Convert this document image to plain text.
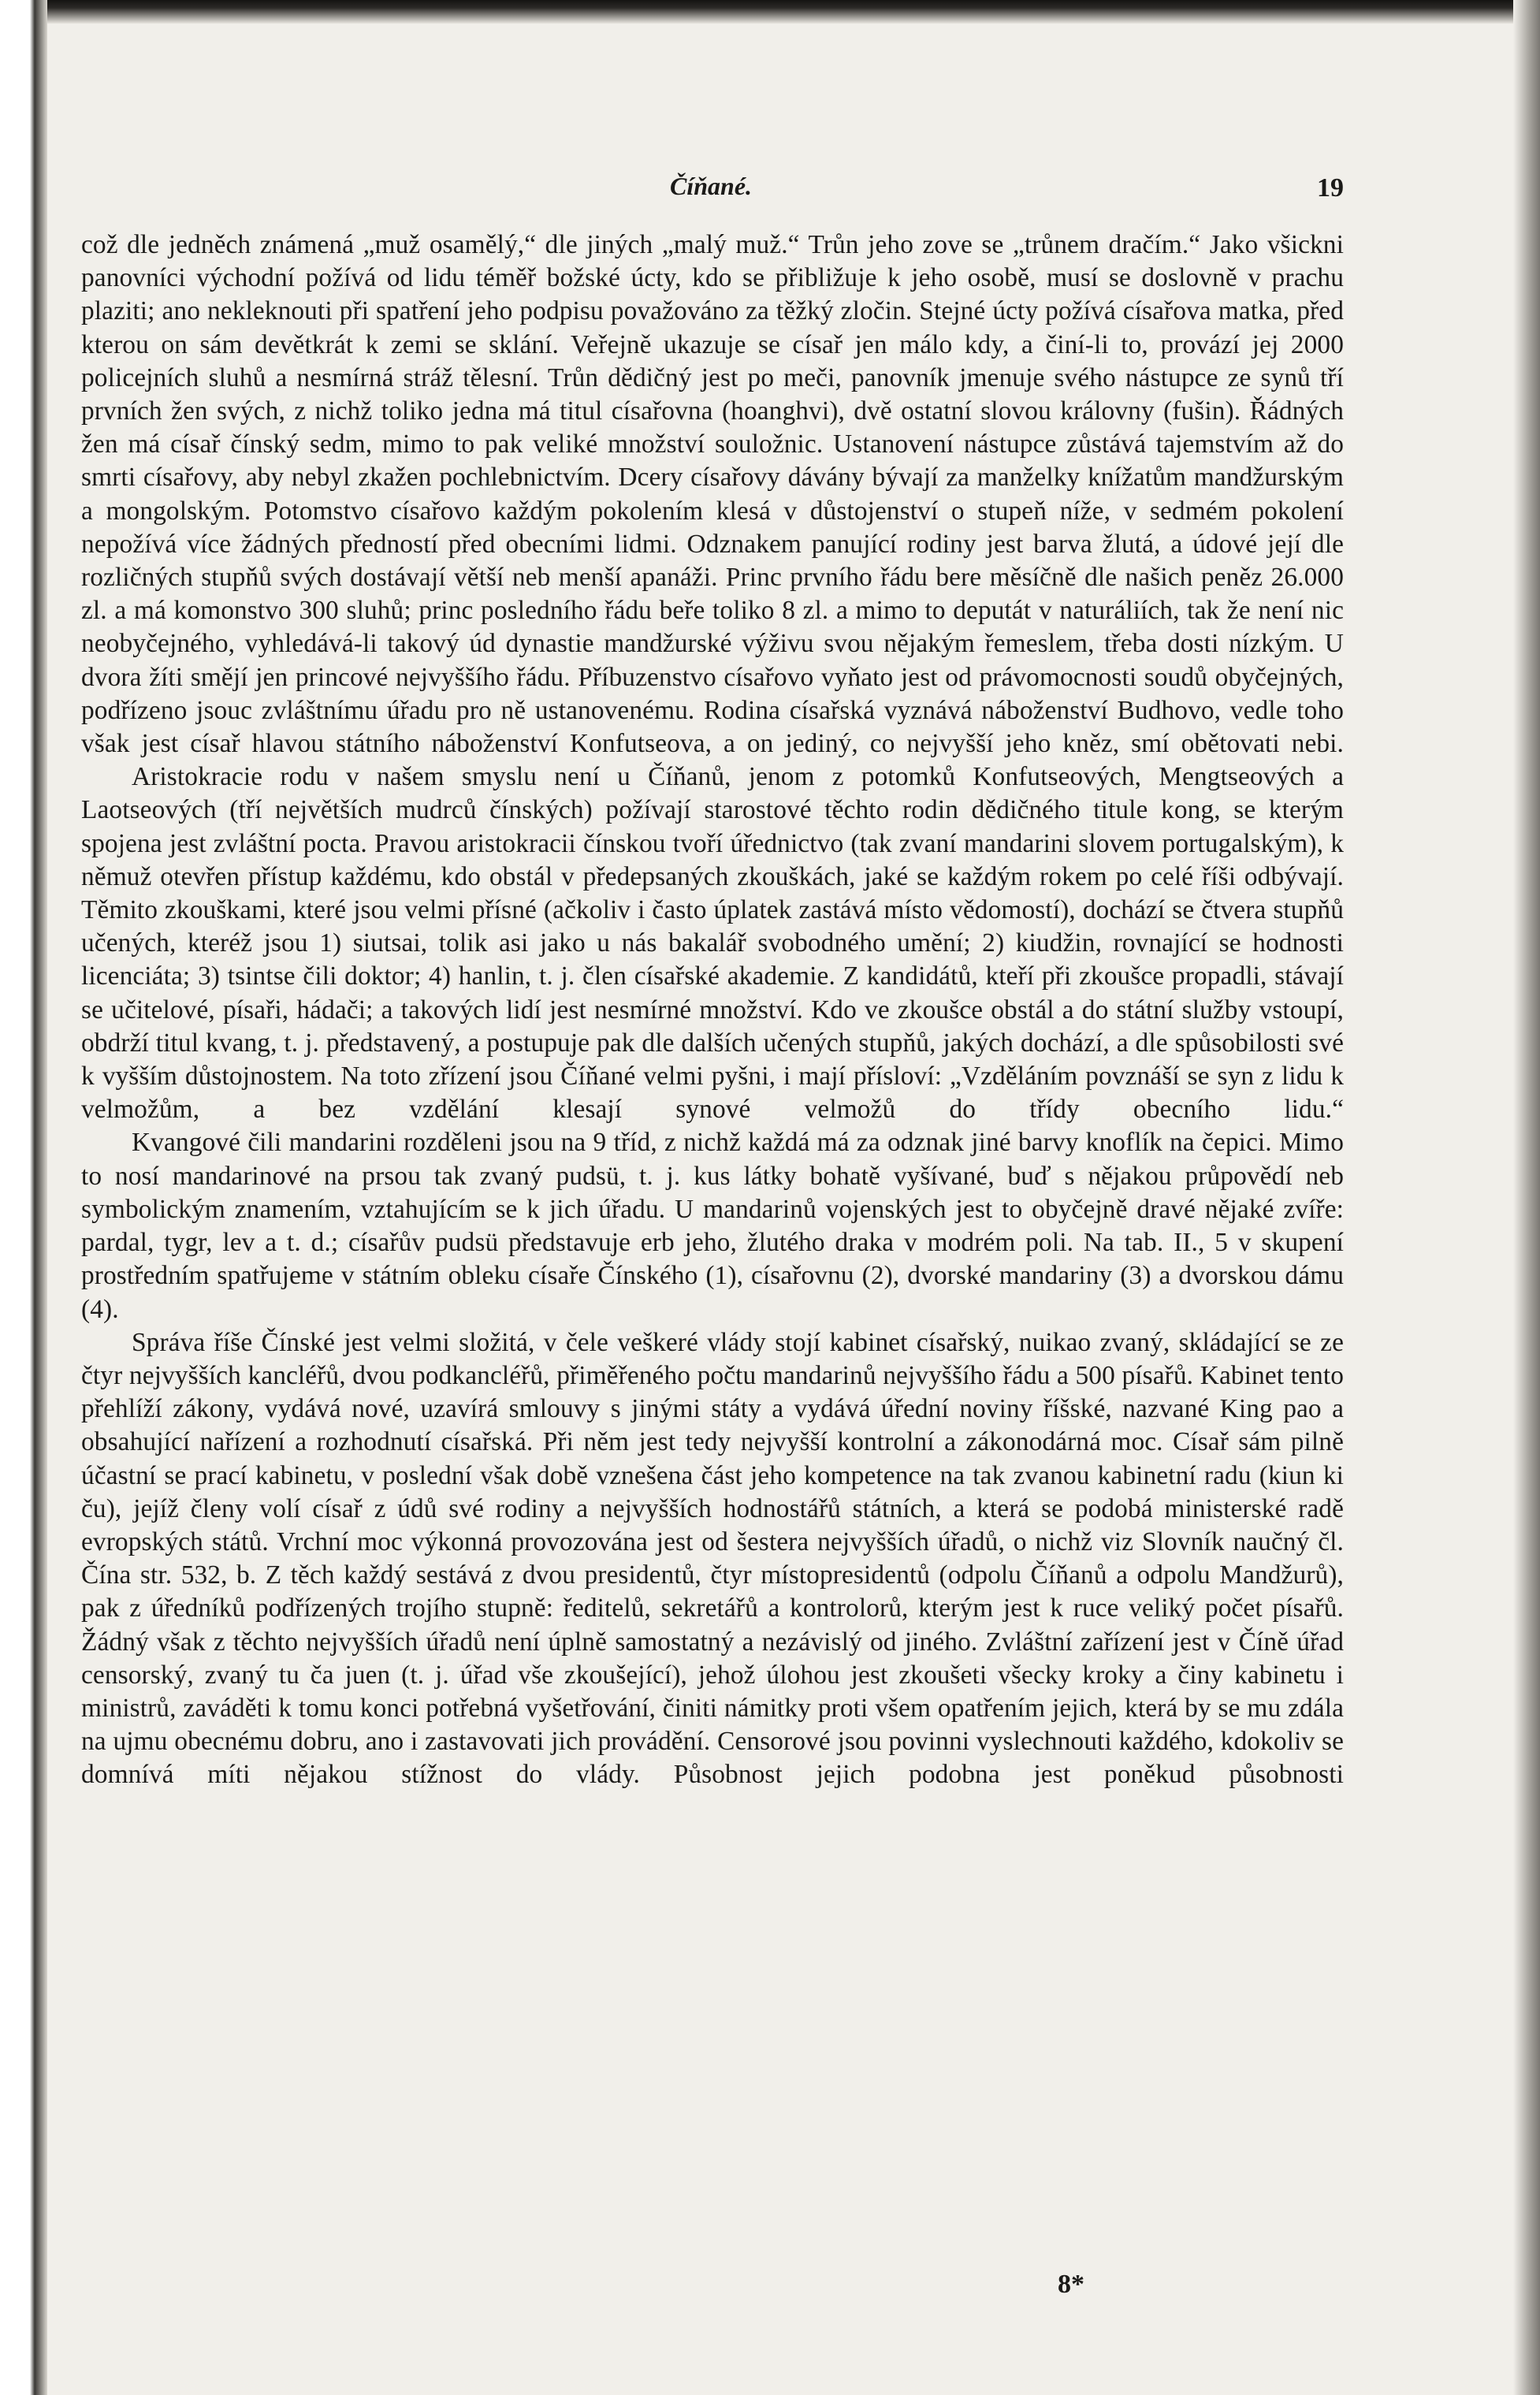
Číňané.	19

což dle jedněch známená „muž osamělý,“ dle jiných „malý muž.“ Trůn jeho zove se „trůnem dračím.“ Jako všickni panovníci východní požívá od lidu téměř božské úcty, kdo se přibližuje k jeho osobě, musí se doslovně v prachu plaziti; ano nekleknouti při spatření jeho podpisu považováno za těžký zločin. Stejné úcty požívá císařova matka, před kterou on sám devětkrát k zemi se sklání. Veřejně ukazuje se císař jen málo kdy, a činí-li to, provází jej 2000 policejních sluhů a nesmírná stráž tělesní. Trůn dědičný jest po meči, panovník jmenuje svého nástupce ze synů tří prvních žen svých, z nichž toliko jedna má titul císařovna (hoanghvi), dvě ostatní slovou královny (fušin). Řádných žen má císař čínský sedm, mimo to pak veliké množství souložnic. Ustanovení nástupce zůstává tajemstvím až do smrti císařovy, aby nebyl zkažen pochlebnictvím. Dcery císařovy dávány bývají za manželky knížatům mandžurským a mongolským. Potomstvo císařovo každým pokolením klesá v důstojenství o stupeň níže, v sedmém pokolení nepožívá více žádných předností před obecními lidmi. Odznakem panující rodiny jest barva žlutá, a údové její dle rozličných stupňů svých dostávají větší neb menší apanáži. Princ prvního řádu bere měsíčně dle našich peněz 26.000 zl. a má komonstvo 300 sluhů; princ posledního řádu beře toliko 8 zl. a mimo to deputát v naturáliích, tak že není nic neobyčejného, vyhledává-li takový úd dynastie mandžurské výživu svou nějakým řemeslem, třeba dosti nízkým. U dvora žíti smějí jen princové nejvyššího řádu. Příbuzenstvo císařovo vyňato jest od právomocnosti soudů obyčejných, podřízeno jsouc zvláštnímu úřadu pro ně ustanovenému. Rodina císařská vyznává náboženství Budhovo, vedle toho však jest císař hlavou státního náboženství Konfutseova, a on jediný, co nejvyšší jeho kněz, smí obětovati nebi.

Aristokracie rodu v našem smyslu není u Číňanů, jenom z potomků Konfutseových, Mengtseových a Laotseových (tří největších mudrců čínských) požívají starostové těchto rodin dědičného titule kong, se kterým spojena jest zvláštní pocta. Pravou aristokracii čínskou tvoří úřednictvo (tak zvaní mandarini slovem portugalským), k němuž otevřen přístup každému, kdo obstál v předepsaných zkouškách, jaké se každým rokem po celé říši odbývají. Těmito zkouškami, které jsou velmi přísné (ačkoliv i často úplatek zastává místo vědomostí), dochází se čtvera stupňů učených, kteréž jsou 1) siutsai, tolik asi jako u nás bakalář svobodného umění; 2) kiudžin, rovnající se hodnosti licenciáta; 3) tsintse čili doktor; 4) hanlin, t. j. člen císařské akademie. Z kandidátů, kteří při zkoušce propadli, stávají se učitelové, písaři, hádači; a takových lidí jest nesmírné množství. Kdo ve zkoušce obstál a do státní služby vstoupí, obdrží titul kvang, t. j. představený, a postupuje pak dle dalších učených stupňů, jakých dochází, a dle spůsobilosti své k vyšším důstojnostem. Na toto zřízení jsou Číňané velmi pyšni, i mají přísloví: „Vzděláním povznáší se syn z lidu k velmožům, a bez vzdělání klesají synové velmožů do třídy obecního lidu.“

Kvangové čili mandarini rozděleni jsou na 9 tříd, z nichž každá má za odznak jiné barvy knoflík na čepici. Mimo to nosí mandarinové na prsou tak zvaný pudsü, t. j. kus látky bohatě vyšívané, buď s nějakou průpovědí neb symbolickým znamením, vztahujícím se k jich úřadu. U mandarinů vojenských jest to obyčejně dravé nějaké zvíře: pardal, tygr, lev a t. d.; císařův pudsü představuje erb jeho, žlutého draka v modrém poli. Na tab. II., 5 v skupení prostředním spatřujeme v státním obleku císaře Čínského (1), císařovnu (2), dvorské mandariny (3) a dvorskou dámu (4).

Správa říše Čínské jest velmi složitá, v čele veškeré vlády stojí kabinet císařský, nuikao zvaný, skládající se ze čtyr nejvyšších kancléřů, dvou podkancléřů, přiměřeného počtu mandarinů nejvyššího řádu a 500 písařů. Kabinet tento přehlíží zákony, vydává nové, uzavírá smlouvy s jinými státy a vydává úřední noviny říšské, nazvané King pao a obsahující nařízení a rozhodnutí císařská. Při něm jest tedy nejvyšší kontrolní a zákonodárná moc. Císař sám pilně účastní se prací kabinetu, v poslední však době vznešena část jeho kompetence na tak zvanou kabinetní radu (kiun ki ču), jejíž členy volí císař z údů své rodiny a nejvyšších hodnostářů státních, a která se podobá ministerské radě evropských států. Vrchní moc výkonná provozována jest od šestera nejvyšších úřadů, o nichž viz Slovník naučný čl. Čína str. 532, b. Z těch každý sestává z dvou presidentů, čtyr místopresidentů (odpolu Číňanů a odpolu Mandžurů), pak z úředníků podřízených trojího stupně: ředitelů, sekretářů a kontrolorů, kterým jest k ruce veliký počet písařů. Žádný však z těchto nejvyšších úřadů není úplně samostatný a nezávislý od jiného. Zvláštní zařízení jest v Číně úřad censorský, zvaný tu ča juen (t. j. úřad vše zkoušející), jehož úlohou jest zkoušeti všecky kroky a činy kabinetu i ministrů, zaváděti k tomu konci potřebná vyšetřování, činiti námitky proti všem opatřením jejich, která by se mu zdála na ujmu obecnému dobru, ano i zastavovati jich provádění. Censorové jsou povinni vyslechnouti každého, kdokoliv se domnívá míti nějakou stížnost do vlády. Působnost jejich podobna jest poněkud působnosti

8*
